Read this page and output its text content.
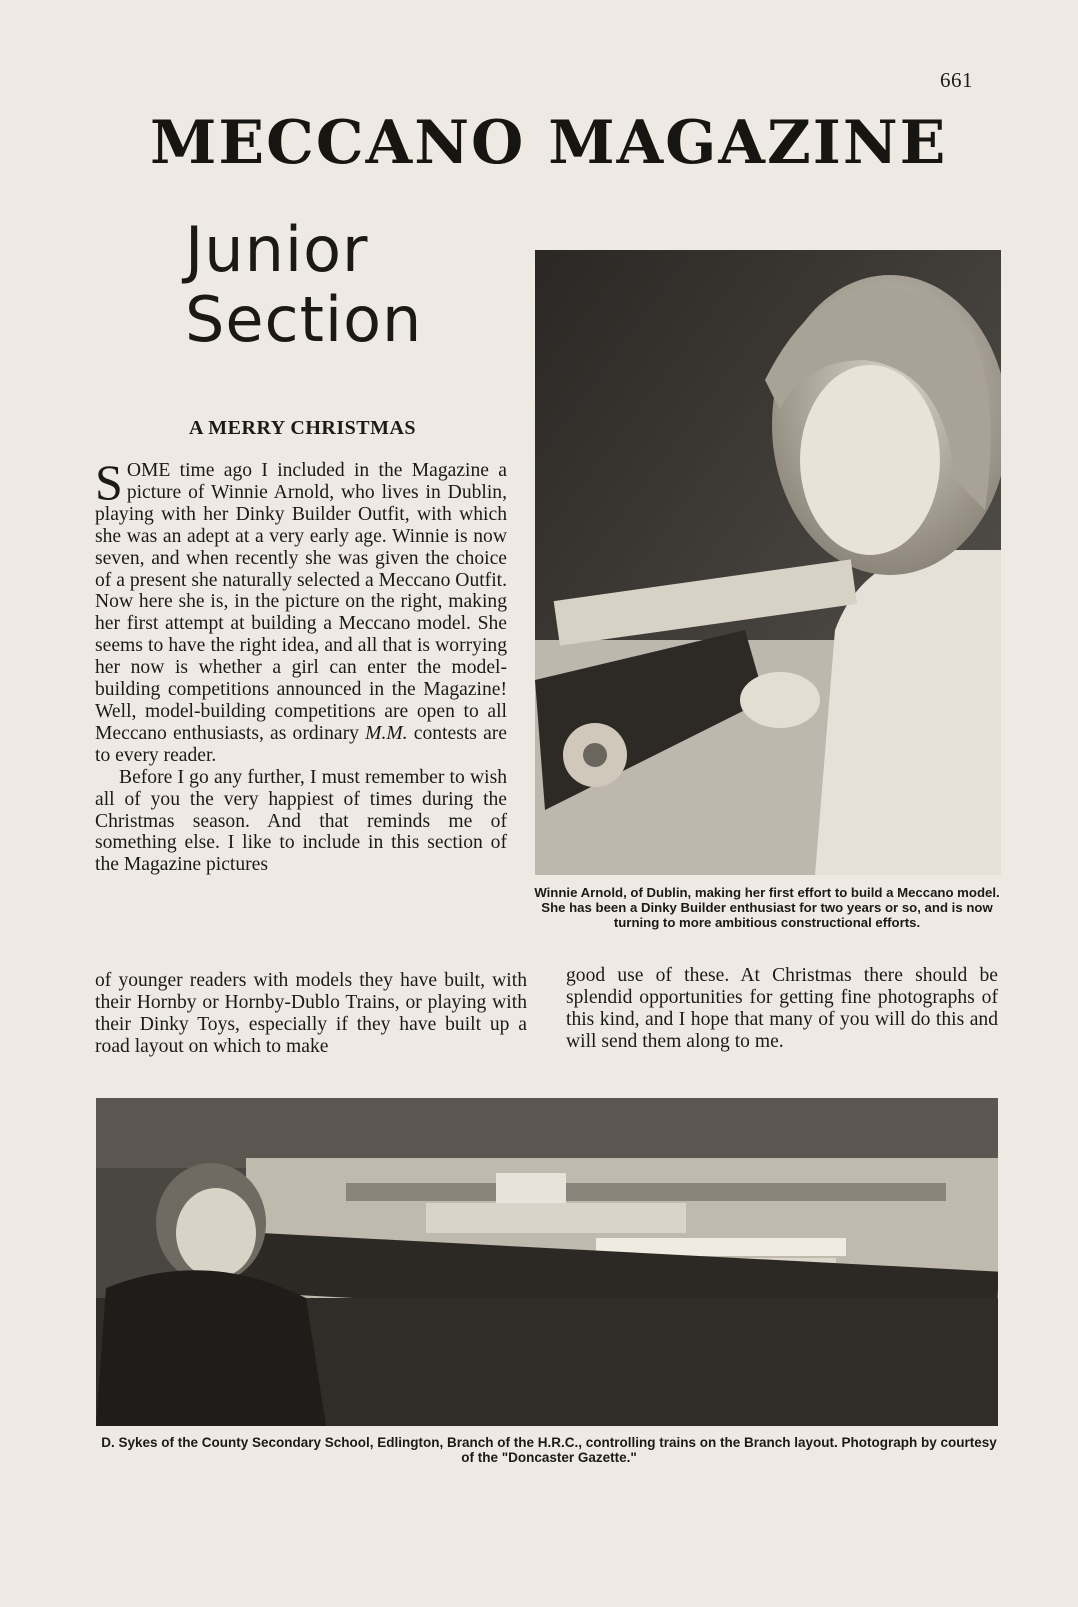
661
MECCANO MAGAZINE
Junior
Section
A MERRY CHRISTMAS

SOME time ago I included in the Magazine a picture of Winnie Arnold, who lives in Dublin, playing with her Dinky Builder Outfit, with which she was an adept at a very early age. Winnie is now seven, and when recently she was given the choice of a present she naturally selected a Meccano Outfit. Now here she is, in the picture on the right, making her first attempt at building a Meccano model. She seems to have the right idea, and all that is worrying her now is whether a girl can enter the model-building competitions announced in the Magazine! Well, model-building competitions are open to all Meccano enthusiasts, as ordinary M.M. contests are to every reader.

Before I go any further, I must remember to wish all of you the very happiest of times during the Christmas season. And that reminds me of something else. I like to include in this section of the Magazine pictures

of younger readers with models they have built, with their Hornby or Hornby-Dublo Trains, or playing with their Dinky Toys, especially if they have built up a road layout on which to make
good use of these. At Christmas there should be splendid opportunities for getting fine photographs of this kind, and I hope that many of you will do this and will send them along to me.
Winnie Arnold, of Dublin, making her first effort to build a Meccano model. She has been a Dinky Builder enthusiast for two years or so, and is now turning to more ambitious constructional efforts.
D. Sykes of the County Secondary School, Edlington, Branch of the H.R.C., controlling trains on the Branch layout. Photograph by courtesy of the "Doncaster Gazette."
